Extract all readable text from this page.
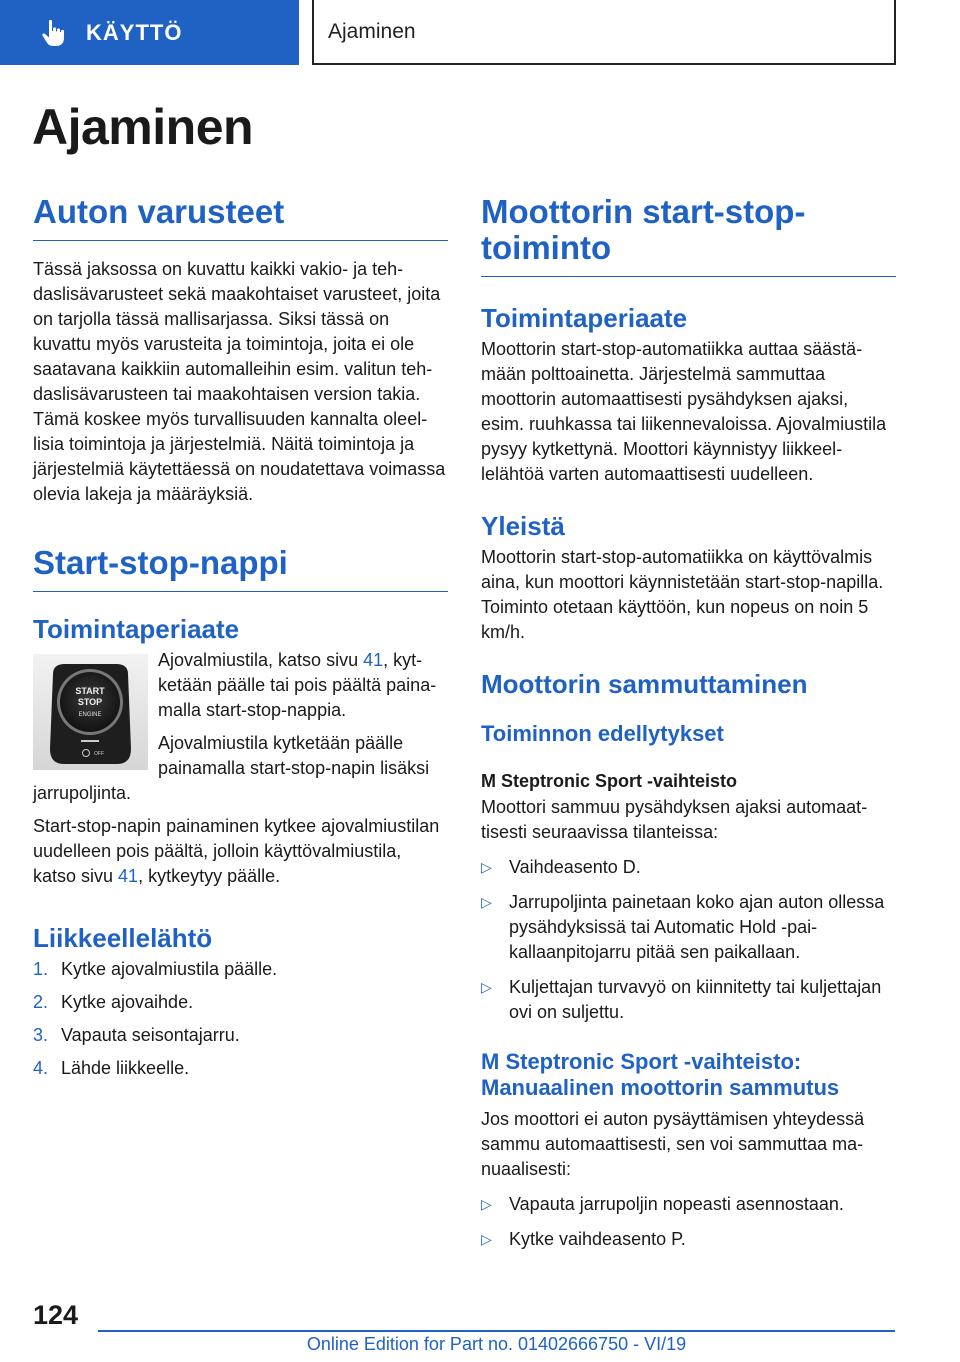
KÄYTTÖ	Ajaminen
Ajaminen
Auton varusteet

Tässä jaksossa on kuvattu kaikki vakio- ja tehdaslisävarusteet sekä maakohtaiset varusteet, joita on tarjolla tässä mallisarjassa. Siksi tässä on kuvattu myös varusteita ja toimintoja, joita ei ole saatavana kaikkiin automalleihin esim. valitun tehdaslisävarusteen tai maakohtaisen version takia. Tämä koskee myös turvallisuuden kannalta oleellisia toimintoja ja järjestelmiä. Näitä toimintoja ja järjestelmiä käytettäessä on noudatettava voimassa olevia lakeja ja määräyksiä.

Start-stop-nappi
Toimintaperiaate
START
STOP
ENGINE
OFF

Ajovalmiustila, katso sivu 41, kytketään päälle tai pois päältä painamalla start-stop-nappia.

Ajovalmiustila kytketään päälle painamalla start-stop-napin lisäksi jarrupoljinta.

Start-stop-napin painaminen kytkee ajovalmiustilan uudelleen pois päältä, jolloin käyttövalmiustila, katso sivu 41, kytkeytyy päälle.

Liikkeellelähtö
1. Kytke ajovalmiustila päälle.
2. Kytke ajovaihde.
3. Vapauta seisontajarru.
4. Lähde liikkeelle.
Moottorin start-stop-toiminto
Toimintaperiaate

Moottorin start-stop-automatiikka auttaa säästämään polttoainetta. Järjestelmä sammuttaa moottorin automaattisesti pysähdyksen ajaksi, esim. ruuhkassa tai liikennevaloissa. Ajovalmiustila pysyy kytkettynä. Moottori käynnistyy liikkeellelähtöä varten automaattisesti uudelleen.

Yleistä

Moottorin start-stop-automatiikka on käyttövalmis aina, kun moottori käynnistetään start-stop-napilla. Toiminto otetaan käyttöön, kun nopeus on noin 5 km/h.

Moottorin sammuttaminen
Toiminnon edellytykset
M Steptronic Sport -vaihteisto

Moottori sammuu pysähdyksen ajaksi automaattisesti seuraavissa tilanteissa:

▷ Vaihdeasento D.
▷ Jarrupoljinta painetaan koko ajan auton ollessa pysähdyksissä tai Automatic Hold -paikallaanpitojarru pitää sen paikallaan.
▷ Kuljettajan turvavyö on kiinnitetty tai kuljettajan ovi on suljettu.
M Steptronic Sport -vaihteisto: Manuaalinen moottorin sammutus

Jos moottori ei auton pysäyttämisen yhteydessä sammu automaattisesti, sen voi sammuttaa manuaalisesti:

▷ Vapauta jarrupoljin nopeasti asennostaan.
▷ Kytke vaihdeasento P.
124
Online Edition for Part no. 01402666750 - VI/19
